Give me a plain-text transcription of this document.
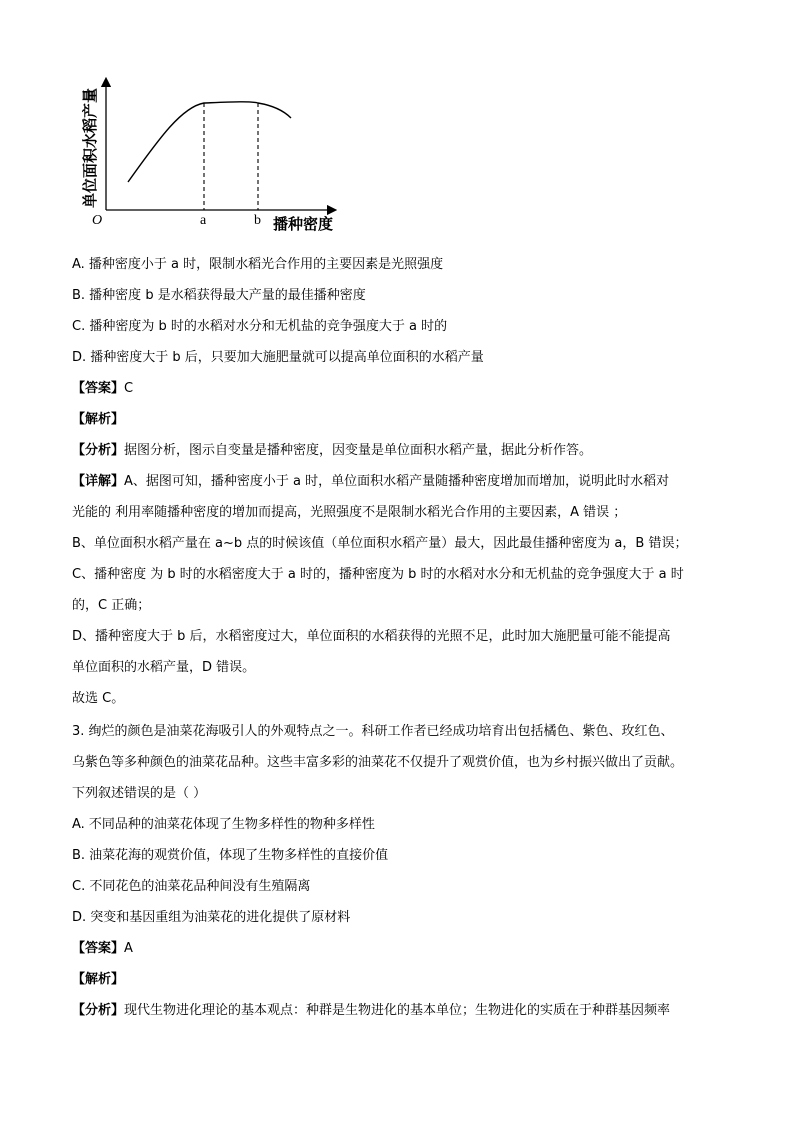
单位面积水稻产量
播种密度
O	a	b
A. 播种密度小于 a 时，限制水稻光合作用的主要因素是光照强度
B. 播种密度 b 是水稻获得最大产量的最佳播种密度
C. 播种密度为 b 时的水稻对水分和无机盐的竞争强度大于 a 时的
D. 播种密度大于 b 后，只要加大施肥量就可以提高单位面积的水稻产量
【答案】C
【解析】
【分析】据图分析，图示自变量是播种密度，因变量是单位面积水稻产量，据此分析作答。
【详解】A、据图可知，播种密度小于 a 时，单位面积水稻产量随播种密度增加而增加，说明此时水稻对
光能的 利用率随播种密度的增加而提高，光照强度不是限制水稻光合作用的主要因素，A 错误 ；
B、单位面积水稻产量在 a~b 点的时候该值（单位面积水稻产量）最大，因此最佳播种密度为 a，B 错误；
C、播种密度 为 b 时的水稻密度大于 a 时的，播种密度为 b 时的水稻对水分和无机盐的竞争强度大于 a 时
的，C 正确；
D、播种密度大于 b 后，水稻密度过大，单位面积的水稻获得的光照不足，此时加大施肥量可能不能提高
单位面积的水稻产量，D 错误。
故选 C。
3. 绚烂的颜色是油菜花海吸引人的外观特点之一。科研工作者已经成功培育出包括橘色、紫色、玫红色、
乌紫色等多种颜色的油菜花品种。这些丰富多彩的油菜花不仅提升了观赏价值，也为乡村振兴做出了贡献。
下列叙述错误的是（ ）
A. 不同品种的油菜花体现了生物多样性的物种多样性
B. 油菜花海的观赏价值，体现了生物多样性的直接价值
C. 不同花色的油菜花品种间没有生殖隔离
D. 突变和基因重组为油菜花的进化提供了原材料
【答案】A
【解析】
【分析】现代生物进化理论的基本观点：种群是生物进化的基本单位；生物进化的实质在于种群基因频率
